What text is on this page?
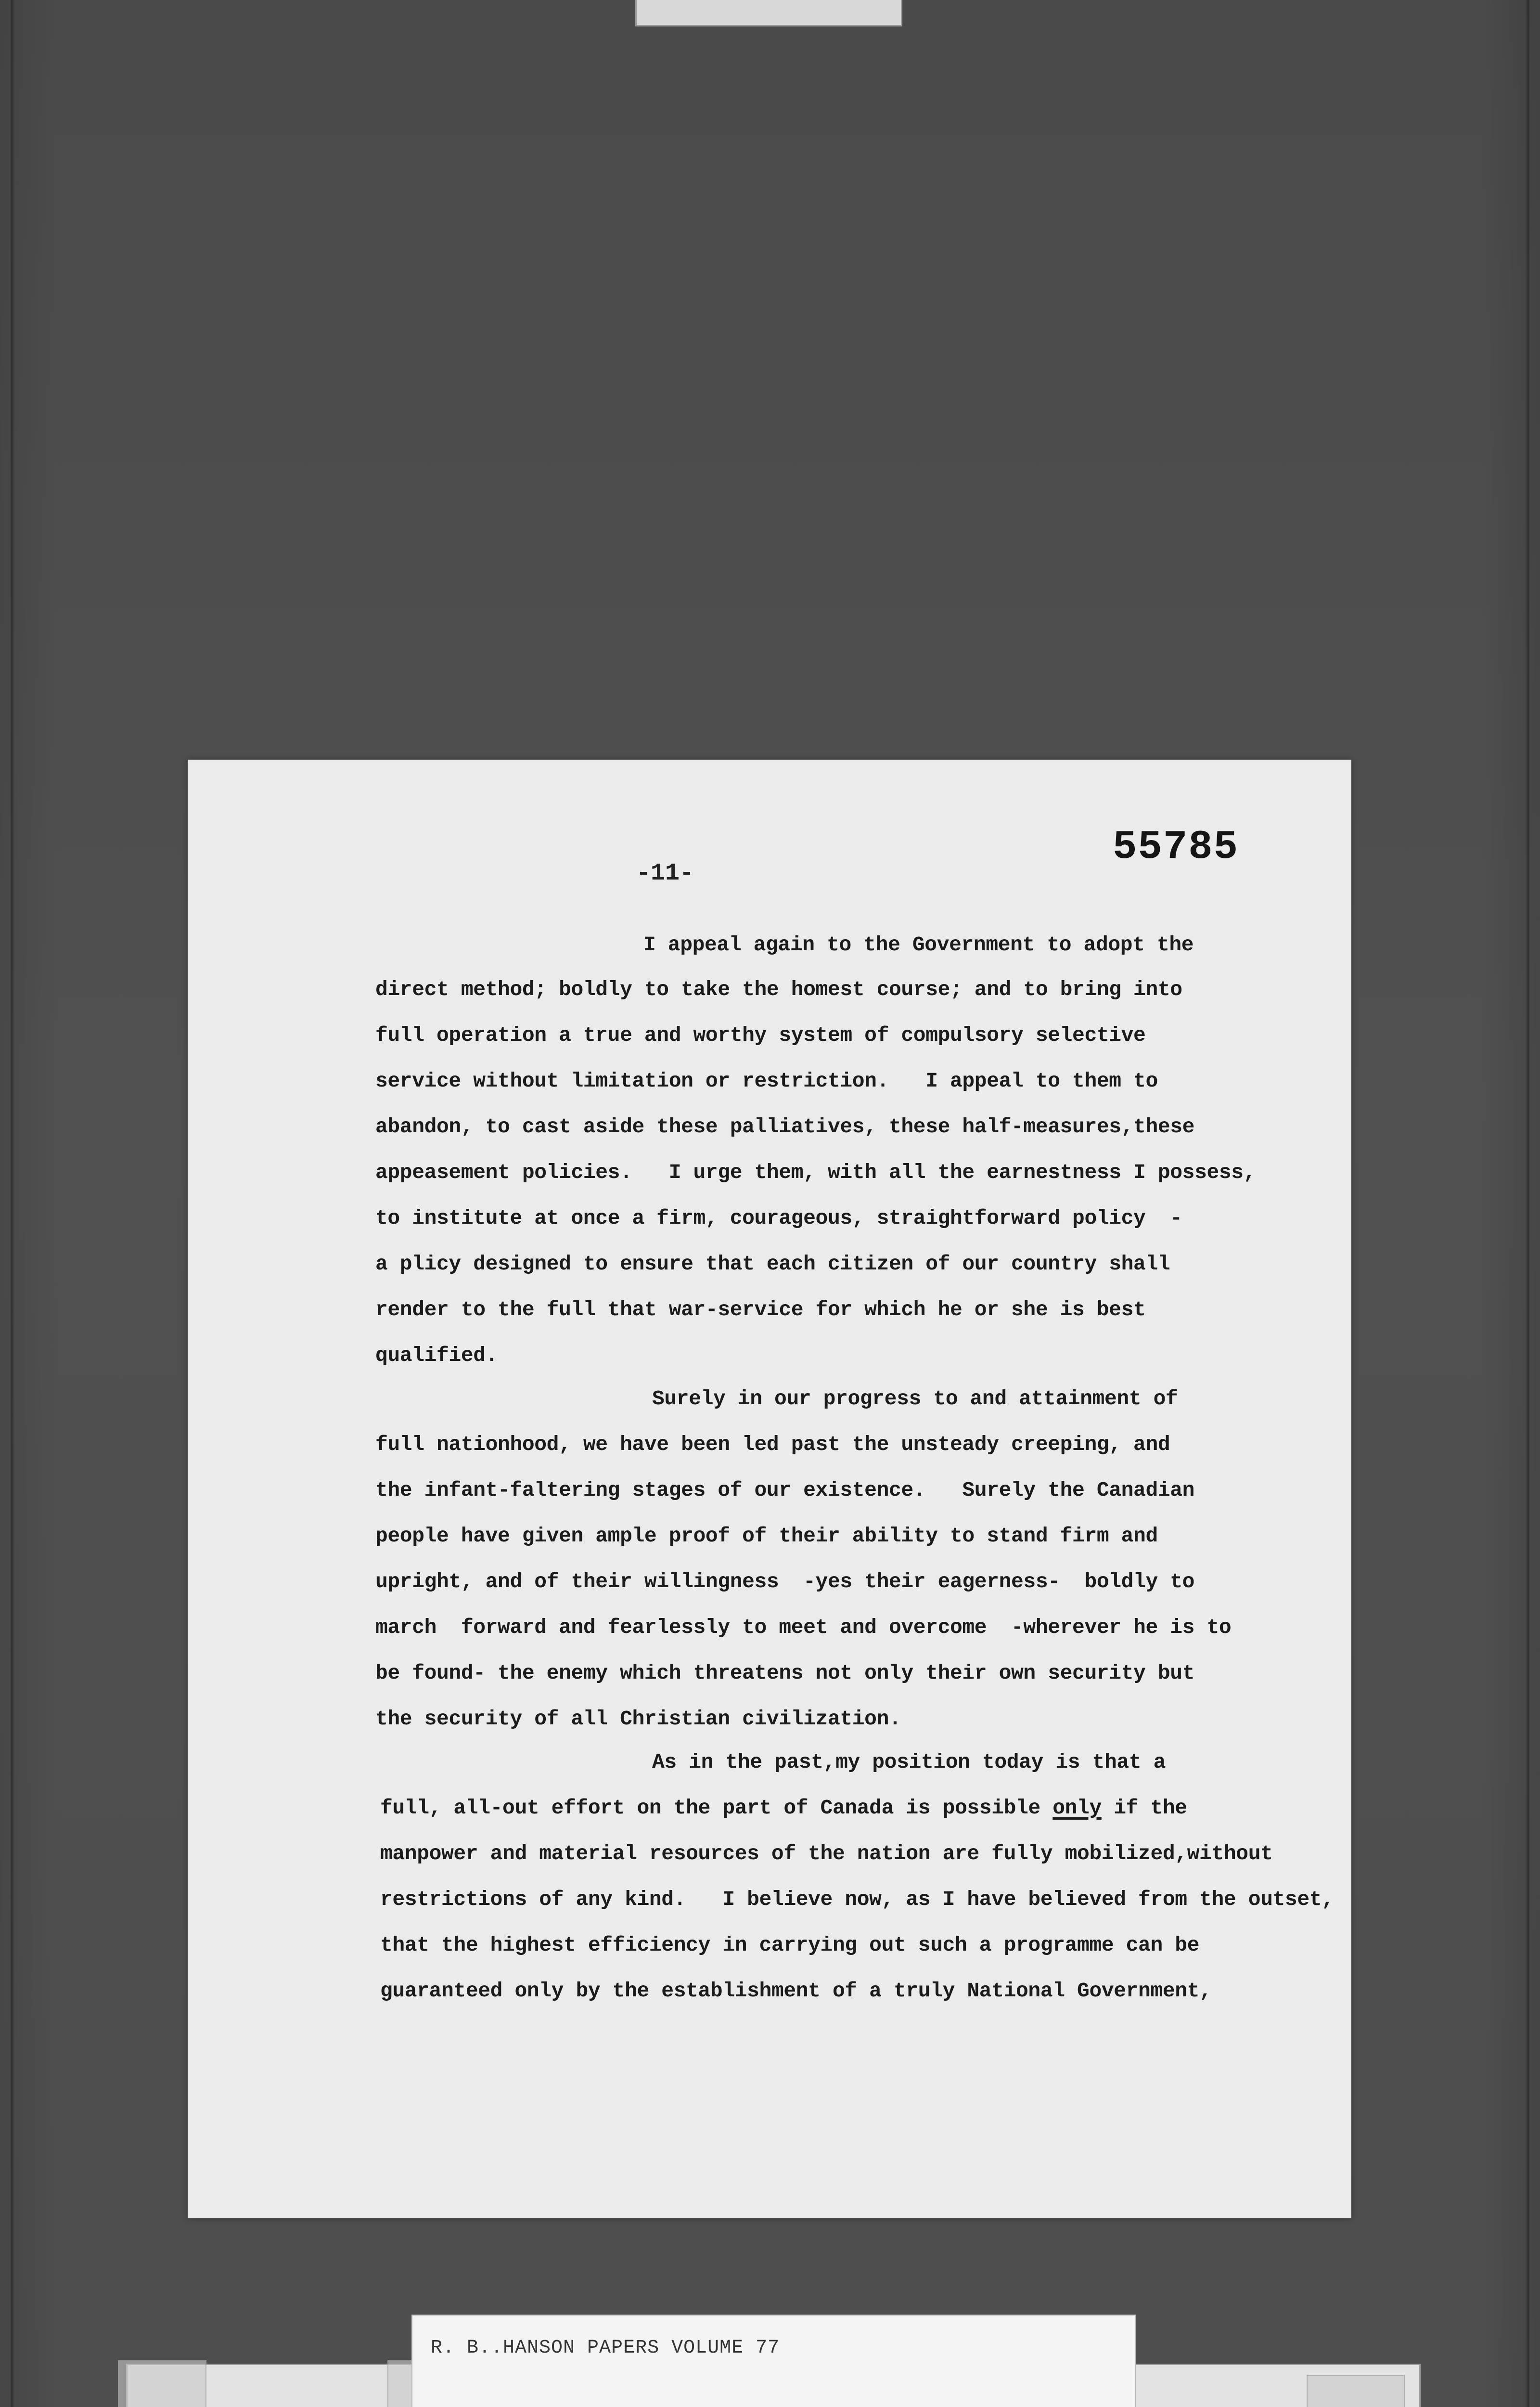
55785
-11-
I appeal again to the Government to adopt the
direct method; boldly to take the homest course; and to bring into
full operation a true and worthy system of compulsory selective
service without limitation or restriction.   I appeal to them to
abandon, to cast aside these palliatives, these half-measures,these
appeasement policies.   I urge them, with all the earnestness I possess,
to institute at once a firm, courageous, straightforward policy  -
a plicy designed to ensure that each citizen of our country shall
render to the full that war-service for which he or she is best
qualified.
Surely in our progress to and attainment of
full nationhood, we have been led past the unsteady creeping, and
the infant-faltering stages of our existence.   Surely the Canadian
people have given ample proof of their ability to stand firm and
upright, and of their willingness  -yes their eagerness-  boldly to
march  forward and fearlessly to meet and overcome  -wherever he is to
be found- the enemy which threatens not only their own security but
the security of all Christian civilization.
As in the past,my position today is that a
full, all-out effort on the part of Canada is possible only if the
manpower and material resources of the nation are fully mobilized,without
restrictions of any kind.   I believe now, as I have believed from the outset,
that the highest efficiency in carrying out such a programme can be
guaranteed only by the establishment of a truly National Government,
R. B..HANSON PAPERS VOLUME 77
